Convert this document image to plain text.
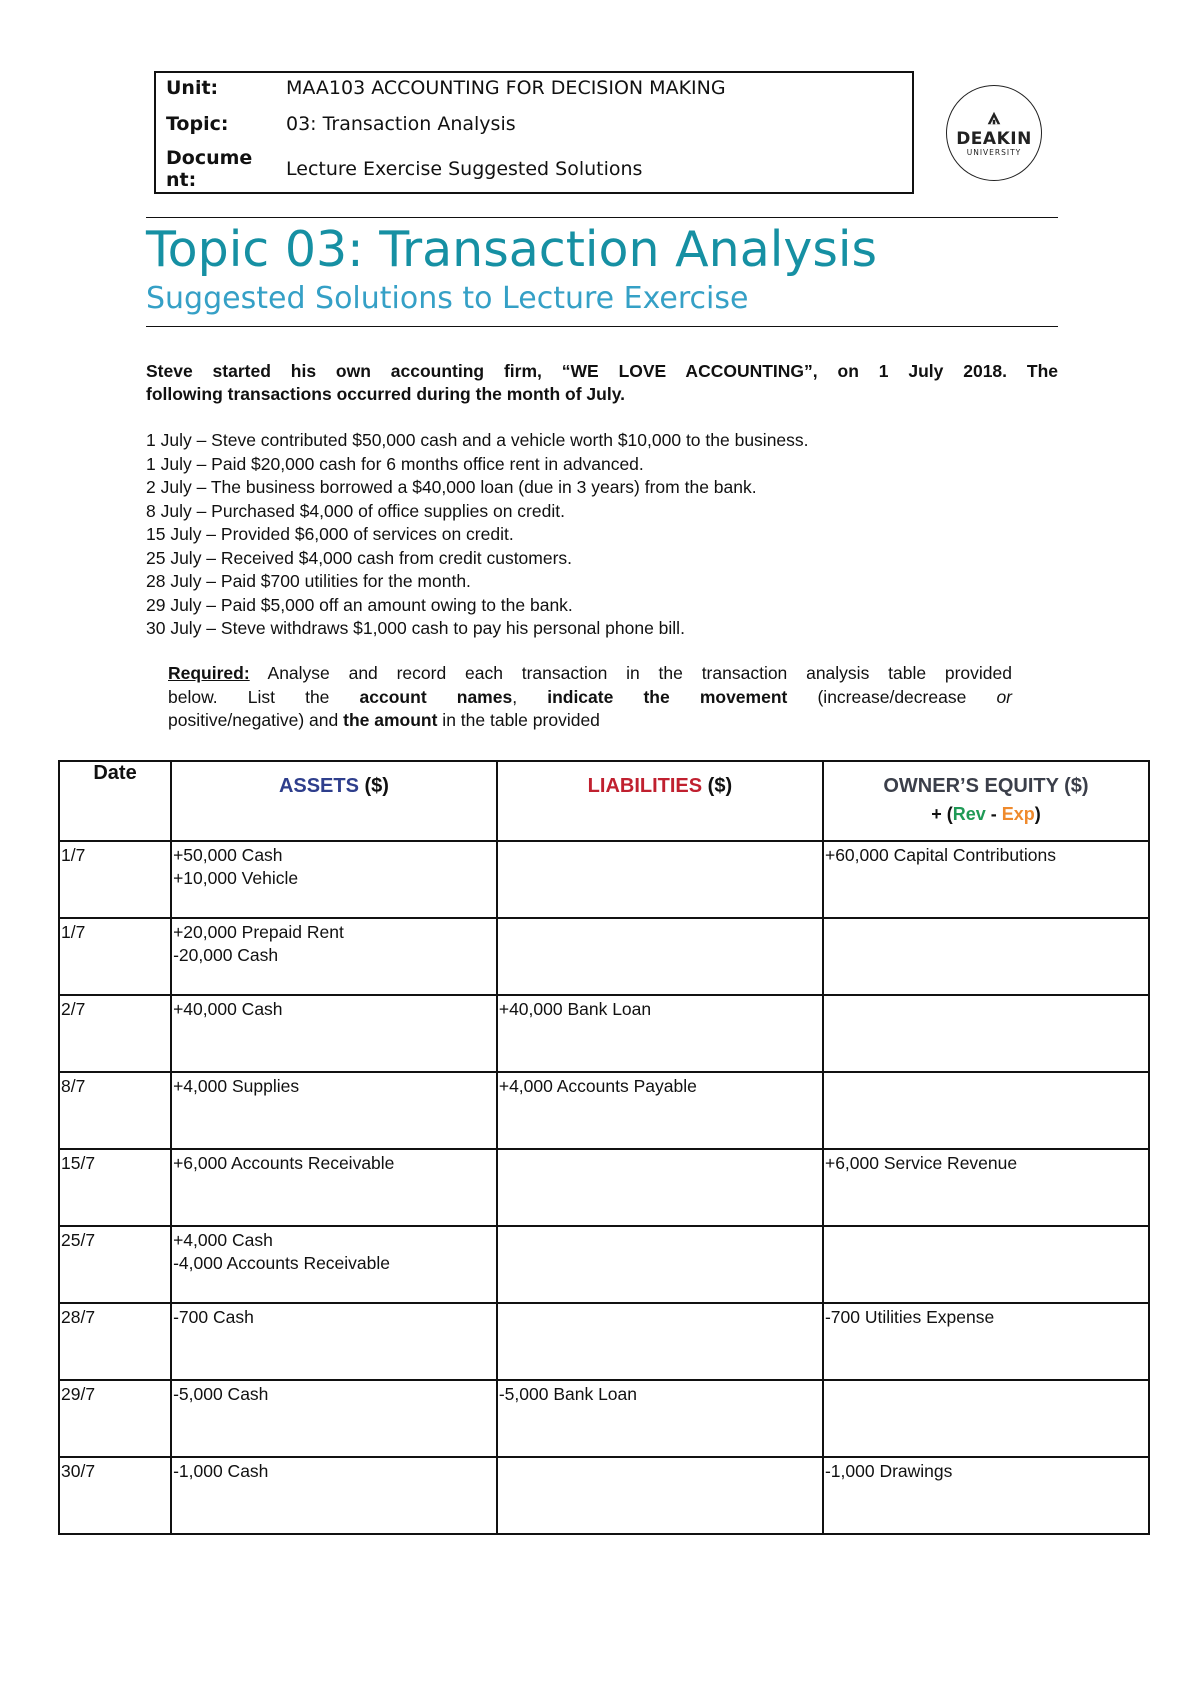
Unit:	MAA103 ACCOUNTING FOR DECISION MAKING
Topic:	03: Transaction Analysis
Docume
nt:	Lecture Exercise Suggested Solutions
DEAKIN
UNIVERSITY
Topic 03: Transaction Analysis
Suggested Solutions to Lecture Exercise
Steve started his own accounting firm, “WE LOVE ACCOUNTING”, on 1 July 2018. The
following transactions occurred during the month of July.
1 July – Steve contributed $50,000 cash and a vehicle worth $10,000 to the business.
1 July – Paid $20,000 cash for 6 months office rent in advanced.
2 July – The business borrowed a $40,000 loan (due in 3 years) from the bank.
8 July – Purchased $4,000 of office supplies on credit.
15 July – Provided $6,000 of services on credit.
25 July – Received $4,000 cash from credit customers.
28 July – Paid $700 utilities for the month.
29 July – Paid $5,000 off an amount owing to the bank.
30 July – Steve withdraws $1,000 cash to pay his personal phone bill.
Required: Analyse and record each transaction in the transaction analysis table provided
below. List the account names, indicate the movement (increase/decrease or
positive/negative) and the amount in the table provided
Date	ASSETS ($)	LIABILITIES ($)	OWNER’S EQUITY ($)
+ (Rev - Exp)

1/7	+50,000 Cash
+10,000 Vehicle		+60,000 Capital Contributions

1/7	+20,000 Prepaid Rent
-20,000 Cash		

2/7	+40,000 Cash	+40,000 Bank Loan	

8/7	+4,000 Supplies	+4,000 Accounts Payable	

15/7	+6,000 Accounts Receivable		+6,000 Service Revenue

25/7	+4,000 Cash
-4,000 Accounts Receivable		

28/7	-700 Cash		-700 Utilities Expense

29/7	-5,000 Cash	-5,000 Bank Loan	

30/7	-1,000 Cash		-1,000 Drawings
